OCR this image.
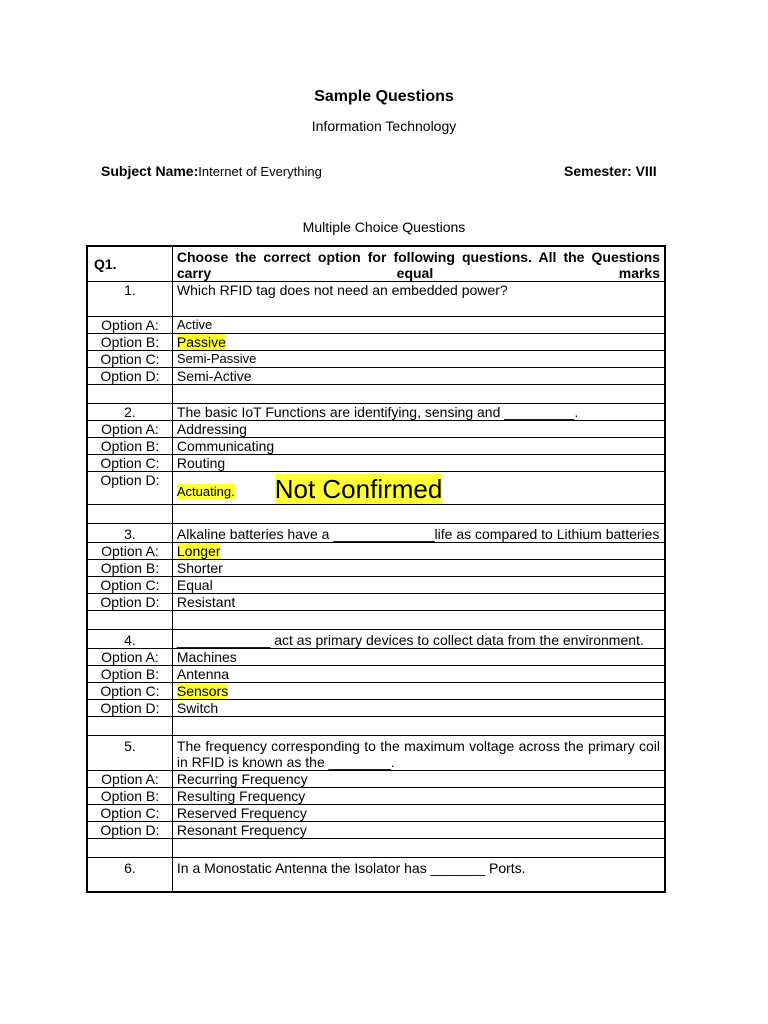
Sample Questions
Information Technology
Subject Name:Internet of Everything	Semester: VIII
Multiple Choice Questions
Q1.	Choose the correct option for following questions. All the Questions carry equal marks
1.	Which RFID tag does not need an embedded power?
Option A:	Active
Option B:	Passive
Option C:	Semi-Passive
Option D:	Semi-Active

2.	The basic IoT Functions are identifying, sensing and _________.
Option A:	Addressing
Option B:	Communicating
Option C:	Routing
Option D:	Actuating. Not Confirmed

3.	Alkaline batteries have a _____________life as compared to Lithium batteries
Option A:	Longer
Option B:	Shorter
Option C:	Equal
Option D:	Resistant

4.	____________ act as primary devices to collect data from the environment.
Option A:	Machines
Option B:	Antenna
Option C:	Sensors
Option D:	Switch

5.	The frequency corresponding to the maximum voltage across the primary coil in RFID is known as the ________.
Option A:	Recurring Frequency
Option B:	Resulting Frequency
Option C:	Reserved Frequency
Option D:	Resonant Frequency

6.	In a Monostatic Antenna the Isolator has _______ Ports.
